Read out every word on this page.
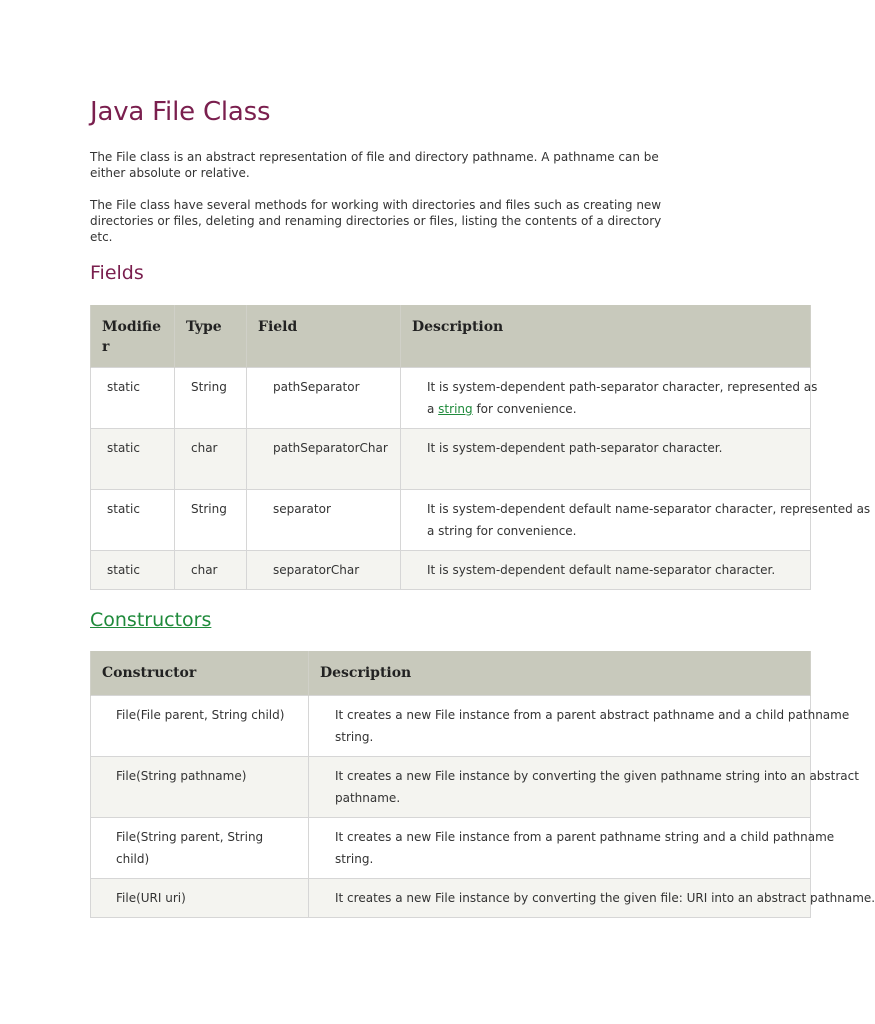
Java File Class

The File class is an abstract representation of file and directory pathname. A pathname can be either absolute or relative.

The File class have several methods for working with directories and files such as creating new directories or files, deleting and renaming directories or files, listing the contents of a directory etc.

Fields
Modifier	Type	Field	Description
static	String	pathSeparator	It is system-dependent path-separator character, represented as
a string for convenience.

static	char	pathSeparatorChar	It is system-dependent path-separator character.

static	String	separator	It is system-dependent default name-separator character, represented as
a string for convenience.

static	char	separatorChar	It is system-dependent default name-separator character.
Constructors
Constructor	Description
File(File parent, String child)	It creates a new File instance from a parent abstract pathname and a child pathname
string.

File(String pathname)	It creates a new File instance by converting the given pathname string into an abstract
pathname.

File(String parent, String child)	It creates a new File instance from a parent pathname string and a child pathname
string.

File(URI uri)	It creates a new File instance by converting the given file: URI into an abstract pathname.
